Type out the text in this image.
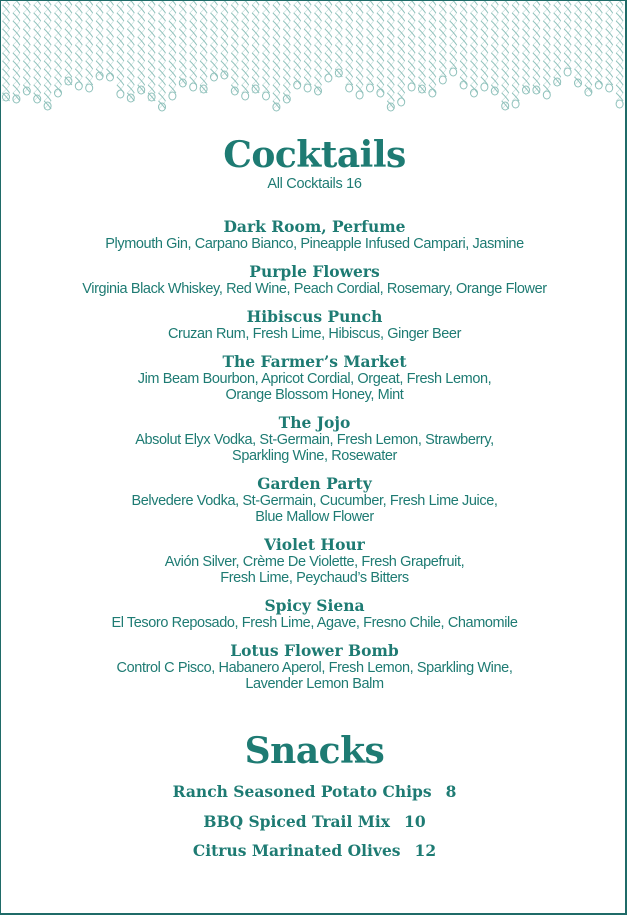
Cocktails
All Cocktails 16
Dark Room, Perfume
Plymouth Gin, Carpano Bianco, Pineapple Infused Campari, Jasmine
Purple Flowers
Virginia Black Whiskey, Red Wine, Peach Cordial, Rosemary, Orange Flower
Hibiscus Punch
Cruzan Rum, Fresh Lime, Hibiscus, Ginger Beer
The Farmer’s Market
Jim Beam Bourbon, Apricot Cordial, Orgeat, Fresh Lemon,
Orange Blossom Honey, Mint
The Jojo
Absolut Elyx Vodka, St-Germain, Fresh Lemon, Strawberry,
Sparkling Wine, Rosewater
Garden Party
Belvedere Vodka, St-Germain, Cucumber, Fresh Lime Juice,
Blue Mallow Flower
Violet Hour
Avión Silver, Crème De Violette, Fresh Grapefruit,
Fresh Lime, Peychaud’s Bitters
Spicy Siena
El Tesoro Reposado, Fresh Lime, Agave, Fresno Chile, Chamomile
Lotus Flower Bomb
Control C Pisco, Habanero Aperol, Fresh Lemon, Sparkling Wine,
Lavender Lemon Balm
Snacks
Ranch Seasoned Potato Chips 8
BBQ Spiced Trail Mix 10
Citrus Marinated Olives 12
